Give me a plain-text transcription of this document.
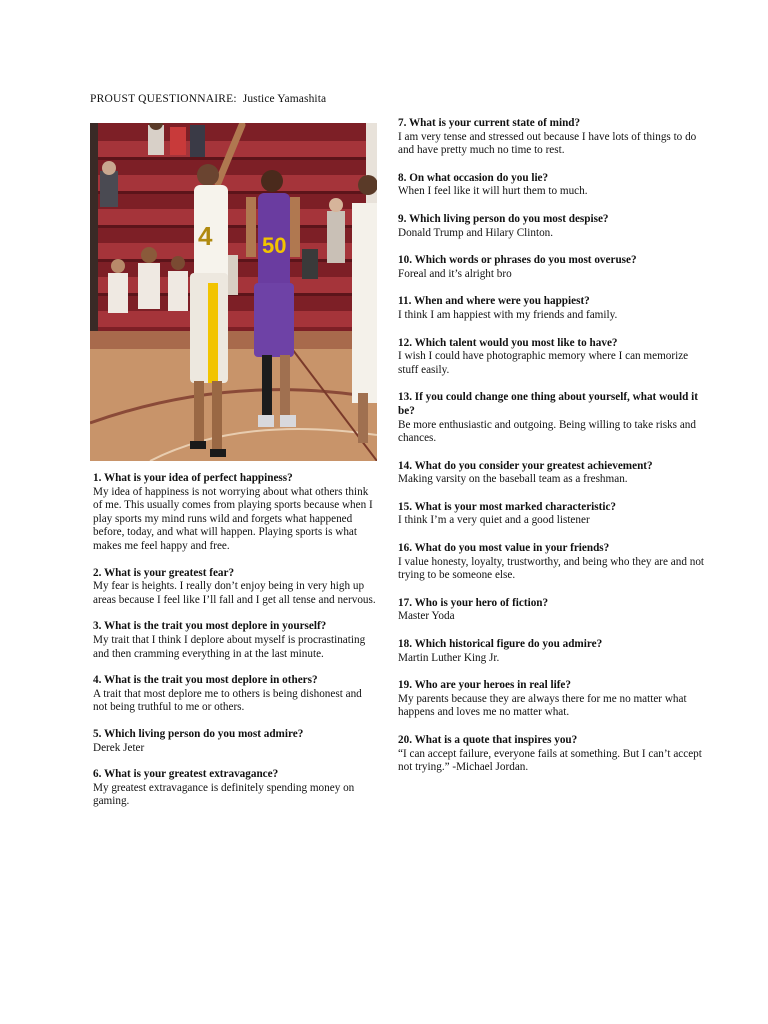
PROUST QUESTIONNAIRE: Justice Yamashita
4 50
1. What is your idea of perfect happiness?
My idea of happiness is not worrying about what others think of me. This usually comes from playing sports because when I play sports my mind runs wild and forgets what happened before, today, and what will happen. Playing sports is what makes me feel happy and free.
2. What is your greatest fear?
My fear is heights. I really don’t enjoy being in very high up areas because I feel like I’ll fall and I get all tense and nervous.
3. What is the trait you most deplore in yourself?
My trait that I think I deplore about myself is procrastinating and then cramming everything in at the last minute.
4. What is the trait you most deplore in others?
A trait that most deplore me to others is being dishonest and not being truthful to me or others.
5. Which living person do you most admire?
Derek Jeter
6. What is your greatest extravagance?
My greatest extravagance is definitely spending money on gaming.
7. What is your current state of mind?
I am very tense and stressed out because I have lots of things to do and have pretty much no time to rest.
8. On what occasion do you lie?
When I feel like it will hurt them to much.
9. Which living person do you most despise?
Donald Trump and Hilary Clinton.
10. Which words or phrases do you most overuse?
Foreal and it’s alright bro
11. When and where were you happiest?
I think I am happiest with my friends and family.
12. Which talent would you most like to have?
I wish I could have photographic memory where I can memorize stuff easily.
13. If you could change one thing about yourself, what would it be?
Be more enthusiastic and outgoing. Being willing to take risks and chances.
14. What do you consider your greatest achievement?
Making varsity on the baseball team as a freshman.
15. What is your most marked characteristic?
I think I’m a very quiet and a good listener
16. What do you most value in your friends?
I value honesty, loyalty, trustworthy, and being who they are and not trying to be someone else.
17. Who is your hero of fiction?
Master Yoda
18. Which historical figure do you admire?
Martin Luther King Jr.
19. Who are your heroes in real life?
My parents because they are always there for me no matter what happens and loves me no matter what.
20. What is a quote that inspires you?
“I can accept failure, everyone fails at something. But I can’t accept not trying.” -Michael Jordan.
